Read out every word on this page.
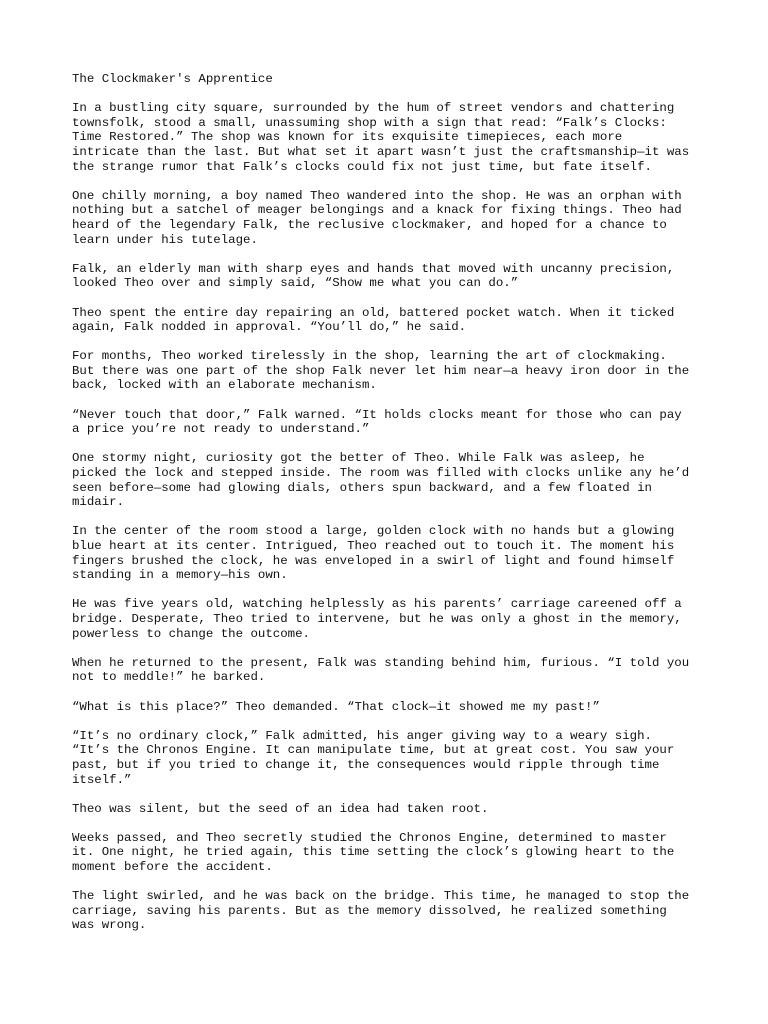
The Clockmaker's Apprentice
In a bustling city square, surrounded by the hum of street vendors and chattering
townsfolk, stood a small, unassuming shop with a sign that read: “Falk’s Clocks:
Time Restored.” The shop was known for its exquisite timepieces, each more
intricate than the last. But what set it apart wasn’t just the craftsmanship—it was
the strange rumor that Falk’s clocks could fix not just time, but fate itself.
One chilly morning, a boy named Theo wandered into the shop. He was an orphan with
nothing but a satchel of meager belongings and a knack for fixing things. Theo had
heard of the legendary Falk, the reclusive clockmaker, and hoped for a chance to
learn under his tutelage.
Falk, an elderly man with sharp eyes and hands that moved with uncanny precision,
looked Theo over and simply said, “Show me what you can do.”
Theo spent the entire day repairing an old, battered pocket watch. When it ticked
again, Falk nodded in approval. “You’ll do,” he said.
For months, Theo worked tirelessly in the shop, learning the art of clockmaking.
But there was one part of the shop Falk never let him near—a heavy iron door in the
back, locked with an elaborate mechanism.
“Never touch that door,” Falk warned. “It holds clocks meant for those who can pay
a price you’re not ready to understand.”
One stormy night, curiosity got the better of Theo. While Falk was asleep, he
picked the lock and stepped inside. The room was filled with clocks unlike any he’d
seen before—some had glowing dials, others spun backward, and a few floated in
midair.
In the center of the room stood a large, golden clock with no hands but a glowing
blue heart at its center. Intrigued, Theo reached out to touch it. The moment his
fingers brushed the clock, he was enveloped in a swirl of light and found himself
standing in a memory—his own.
He was five years old, watching helplessly as his parents’ carriage careened off a
bridge. Desperate, Theo tried to intervene, but he was only a ghost in the memory,
powerless to change the outcome.
When he returned to the present, Falk was standing behind him, furious. “I told you
not to meddle!” he barked.
“What is this place?” Theo demanded. “That clock—it showed me my past!”
“It’s no ordinary clock,” Falk admitted, his anger giving way to a weary sigh.
“It’s the Chronos Engine. It can manipulate time, but at great cost. You saw your
past, but if you tried to change it, the consequences would ripple through time
itself.”
Theo was silent, but the seed of an idea had taken root.
Weeks passed, and Theo secretly studied the Chronos Engine, determined to master
it. One night, he tried again, this time setting the clock’s glowing heart to the
moment before the accident.
The light swirled, and he was back on the bridge. This time, he managed to stop the
carriage, saving his parents. But as the memory dissolved, he realized something
was wrong.
